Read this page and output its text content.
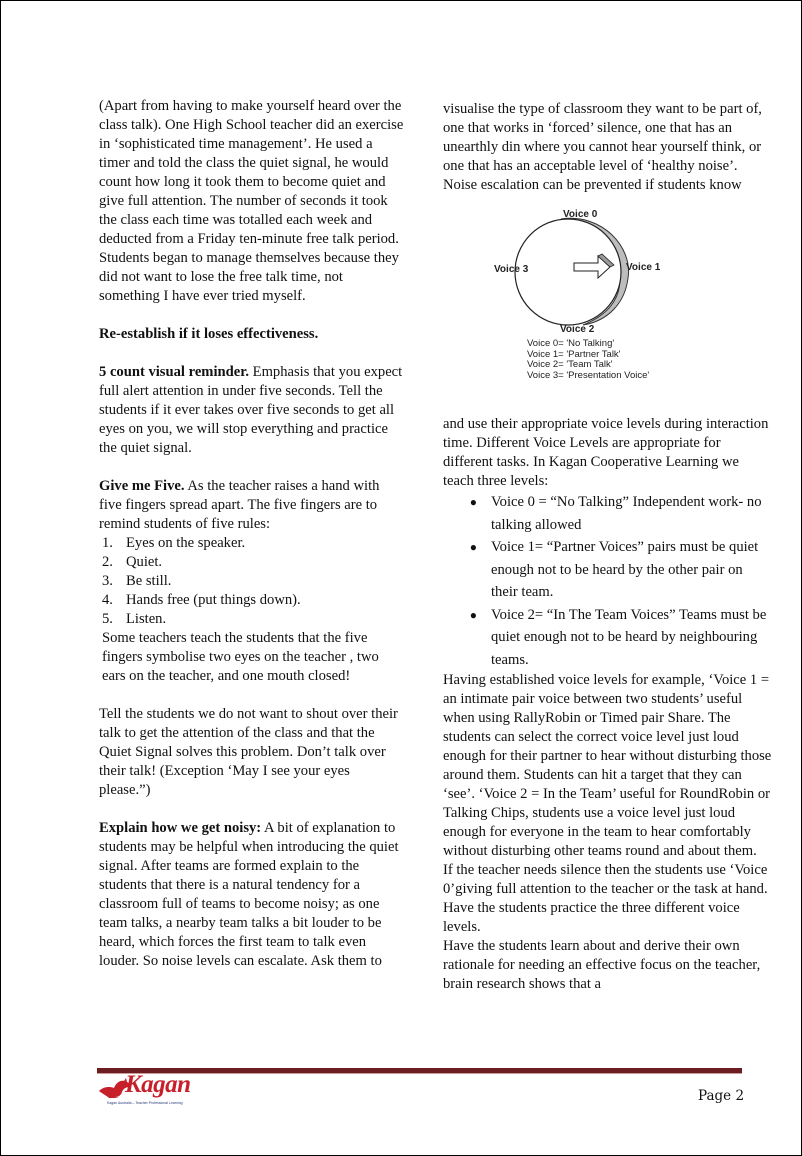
(Apart from having to make yourself heard over the class talk). One High School teacher did an exercise in ‘sophisticated time management’. He used a timer and told the class the quiet signal, he would count how long it took them to become quiet and give full attention. The number of seconds it took the class each time was totalled each week and deducted from a Friday ten-minute free talk period. Students began to manage themselves because they did not want to lose the free talk time, not something I have ever tried myself.

Re-establish if it loses effectiveness.

5 count visual reminder. Emphasis that you expect full alert attention in under five seconds. Tell the students if it ever takes over five seconds to get all eyes on you, we will stop everything and practice the quiet signal.

Give me Five. As the teacher raises a hand with five fingers spread apart. The five fingers are to remind students of five rules:

1. Eyes on the speaker.
2. Quiet.
3. Be still.
4. Hands free (put things down).
5. Listen.

Some teachers teach the students that the five fingers symbolise two eyes on the teacher , two ears on the teacher, and one mouth closed!

Tell the students we do not want to shout over their talk to get the attention of the class and that the Quiet Signal solves this problem. Don’t talk over their talk! (Exception ‘May I see your eyes please.”)

Explain how we get noisy: A bit of explanation to students may be helpful when introducing the quiet signal. After teams are formed explain to the students that there is a natural tendency for a classroom full of teams to become noisy; as one team talks, a nearby team talks a bit louder to be heard, which forces the first team to talk even louder. So noise levels can escalate. Ask them to

visualise the type of classroom they want to be part of, one that works in ‘forced’ silence, one that has an unearthly din where you cannot hear yourself think, or one that has an acceptable level of ‘healthy noise’. Noise escalation can be prevented if students know

Voice 0
Voice 1
Voice 2
Voice 3
Voice 0= 'No Talking'
Voice 1= 'Partner Talk'
Voice 2= 'Team Talk'
Voice 3= 'Presentation Voice'

and use their appropriate voice levels during interaction time. Different Voice Levels are appropriate for different tasks. In Kagan Cooperative Learning we teach three levels:

● Voice 0 = “No Talking” Independent work- no talking allowed
● Voice 1= “Partner Voices” pairs must be quiet enough not to be heard by the other pair on their team.
● Voice 2= “In The Team Voices” Teams must be quiet enough not to be heard by neighbouring teams.

Having established voice levels for example, ‘Voice 1 = an intimate pair voice between two students’ useful when using RallyRobin or Timed pair Share. The students can select the correct voice level just loud enough for their partner to hear without disturbing those around them. Students can hit a target that they can ‘see’. ‘Voice 2 = In the Team’ useful for RoundRobin or Talking Chips, students use a voice level just loud enough for everyone in the team to hear comfortably without disturbing other teams round and about them.

If the teacher needs silence then the students use ‘Voice 0’giving full attention to the teacher or the task at hand. Have the students practice the three different voice levels.

Have the students learn about and derive their own rationale for needing an effective focus on the teacher, brain research shows that a

Kagan
Kagan Australia – Teacher Professional Learning	Page 2
